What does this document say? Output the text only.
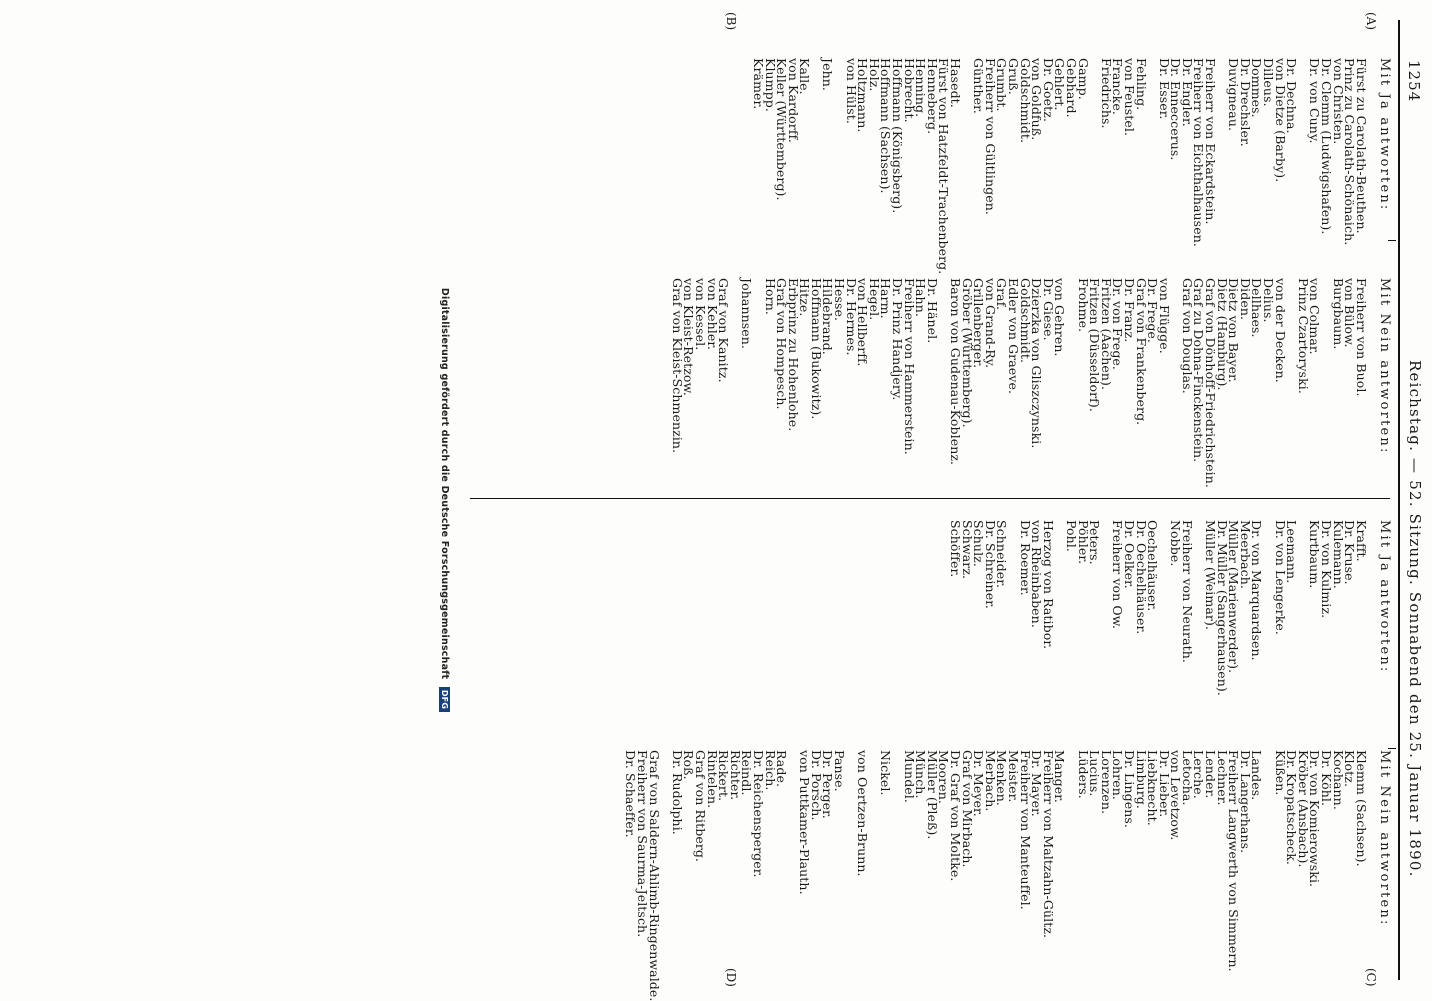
1254
Reichstag. — 52. Sitzung. Sonnabend den 25. Januar 1890.
(A)
(B)
(C)
(D)
Mit Ja antworten:
Fürst zu Carolath-Beuthen.
Prinz zu Carolath-Schönaich.
von Christen.
Dr. Clemm (Ludwigshafen).
Dr. von Cuny.
Dr. Dechna.
von Dietze (Barby).
Dilleus.
Dommes.
Dr. Drechsler.
Duvigneau.
Freiherr von Eckardstein.
Freiherr von Eichthalhausen.
Dr. Engler.
Dr. Enneccerus.
Dr. Esser.
Fehling.
von Feustel.
Francke.
Friedrichs.
Gamp.
Gebhard.
Gehlert.
Dr. Goetz.
von Goldfuß.
Goldschmidt.
Gruß.
Grumbt.
Freiherr von Gültlingen.
Günther.
Hasedt.
Fürst von Hatzfeldt-Trachenberg.
Henneberg.
Henning.
Hobrecht.
Hoffmann (Königsberg).
Hoffmann (Sachsen).
Holz.
Holtzmann.
von Hülst.
Jehn.
Kalle.
von Kardorff.
Keller (Württemberg).
Klumpp.
Krämer.
Mit Nein antworten:
Freiherr von Buol.
von Bülow.
Burgbaum.
von Colmar.
Prinz Czartoryski.
von der Decken.
Delius.
Dellhaes.
Diden.
Dietz von Bayer.
Dietz (Hamburg).
Graf von Dönhoff-Friedrichstein.
Graf zu Dohna-Finckenstein.
Graf von Douglas.
von Flügge.
Dr. Frege.
Graf von Frankenberg.
Dr. Franz.
Dr. von Frege.
Fritzen (Aachen).
Fritzen (Düsseldorf).
Frohme.
von Gehren.
Dr. Giese.
Dzierzka von Gliszczynski.
Goldschmidt.
Edler von Graeve.
Graf.
von Grand-Ry.
Grillenberger.
Gröber (Württemberg).
Baron von Gudenau-Koblenz.
Dr. Hänel.
Hahn.
Freiherr von Hammerstein.
Dr. Prinz Handjery.
Harm.
Hegel.
von Hellberff.
Dr. Hermes.
Hesse.
Hildebrand.
Hoffmann (Bukowitz).
Hitze.
Erbprinz zu Hohenlohe.
Graf von Hompesch.
Horn.
Johannsen.
Graf von Kanitz.
von Kehler.
von Kessel.
von Kleist-Retzow.
Graf von Kleist-Schmenzin.
Mit Ja antworten:
Krafft.
Dr. Kruse.
Kulemann.
Dr. von Kulmiz.
Kurtbaum.
Leemann.
Dr. von Lengerke.
Dr. von Marquardsen.
Meerbach.
Müller (Marienwerder).
Dr. Müller (Sangerhausen).
Müller (Weimar).
Freiherr von Neurath.
Nobbe.
Oechelhäuser.
Dr. Oechelhäuser.
Dr. Oelker.
Freiherr von Ow.
Peters.
Pöhler.
Pohl.
Herzog von Ratibor.
von Rheinbaben.
Dr. Roemer.
Schneider.
Dr. Schreiner.
Schulz.
Schwarz.
Schöffer.
Mit Nein antworten:
Klemm (Sachsen).
Klotz.
Kochann.
Dr. Köhl.
Dr. von Komierowski.
Kröber (Ansbach).
Dr. Kropatscheck.
Küßen.
Landes.
Dr. Langerhans.
Freiherr Langwerth von Simmern.
Lechner.
Lender.
Lerche.
Letocha.
von Levetzow.
Dr. Lieber.
Liebknecht.
Limburg.
Dr. Lingens.
Lohren.
Lorenzen.
Lucius.
Lüders.
Manger.
Freiherr von Maltzahn-Gültz.
Dr. Mayer.
Freiherr von Manteuffel.
Meister.
Menken.
Merbach.
Dr. Meyer.
Graf von Mirbach.
Dr. Graf von Moltke.
Mooren.
Müller (Pleß).
Münch.
Mundel.
Nickel.
von Oertzen-Brunn.
Panse.
Dr. Perger.
Dr. Porsch.
von Puttkamer-Plauth.
Rade.
Reich.
Dr. Reichensperger.
Reindl.
Richter.
Rickert.
Rintelen.
Graf von Ritberg.
Roß.
Dr. Rudolphi.
Graf von Saldern-Ahlimb-Ringenwalde.
Freiherr von Saurma-Jeltsch.
Dr. Schaeffer.
Digitalisierung gefördert durch die Deutsche Forschungsgemeinschaft DFG
